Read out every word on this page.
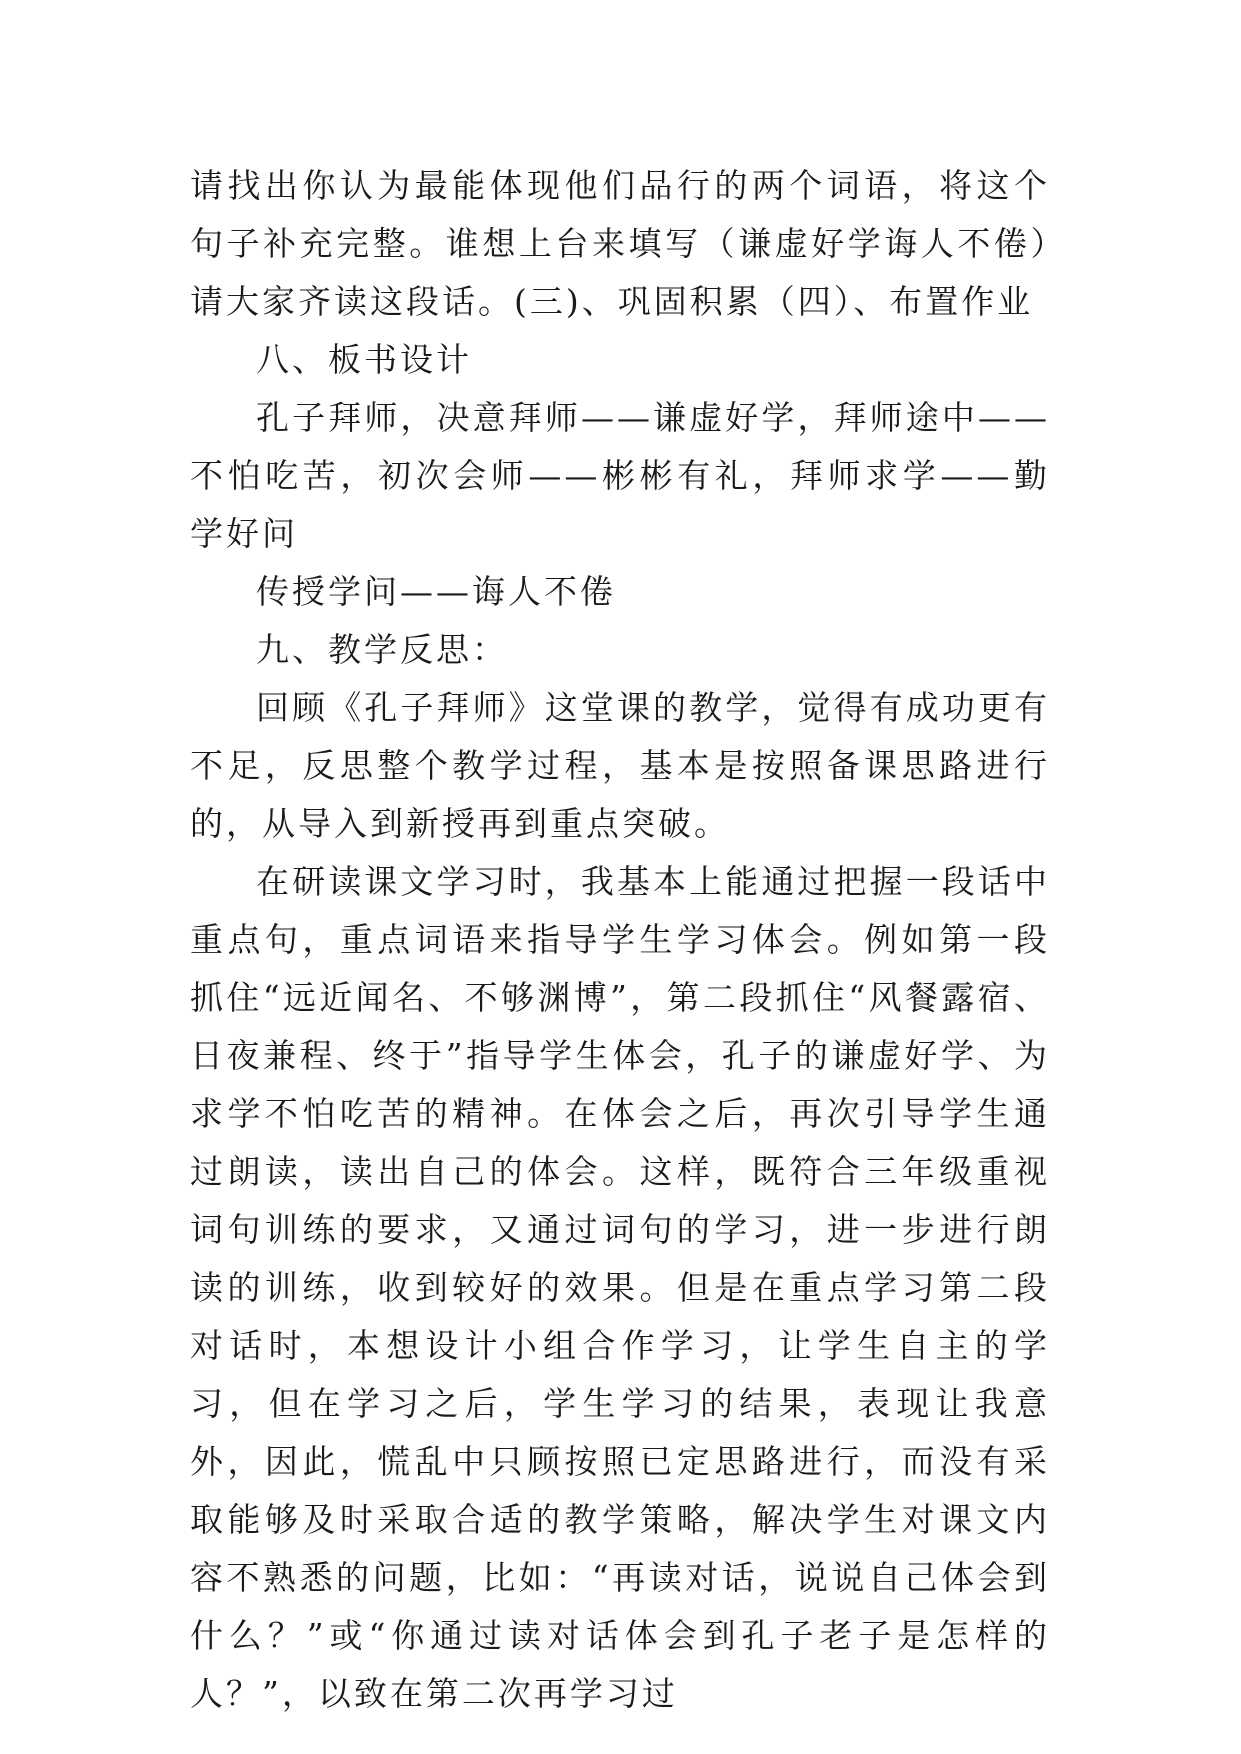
请找出你认为最能体现他们品行的两个词语，将这个句子补充完整。谁想上台来填写（谦虚好学诲人不倦）请大家齐读这段话。(三)、巩固积累（四）、布置作业

八、板书设计

孔子拜师，决意拜师——谦虚好学，拜师途中——不怕吃苦，初次会师——彬彬有礼，拜师求学——勤学好问

传授学问——诲人不倦

九、教学反思：

回顾《孔子拜师》这堂课的教学，觉得有成功更有不足，反思整个教学过程，基本是按照备课思路进行的，从导入到新授再到重点突破。

在研读课文学习时，我基本上能通过把握一段话中重点句，重点词语来指导学生学习体会。例如第一段抓住“远近闻名、不够渊博”，第二段抓住“风餐露宿、日夜兼程、终于”指导学生体会，孔子的谦虚好学、为求学不怕吃苦的精神。在体会之后，再次引导学生通过朗读，读出自己的体会。这样，既符合三年级重视词句训练的要求，又通过词句的学习，进一步进行朗读的训练，收到较好的效果。但是在重点学习第二段对话时，本想设计小组合作学习，让学生自主的学习，但在学习之后，学生学习的结果，表现让我意外，因此，慌乱中只顾按照已定思路进行，而没有采取能够及时采取合适的教学策略，解决学生对课文内容不熟悉的问题，比如：“再读对话，说说自己体会到什么？”或“你通过读对话体会到孔子老子是怎样的人？”，以致在第二次再学习过
